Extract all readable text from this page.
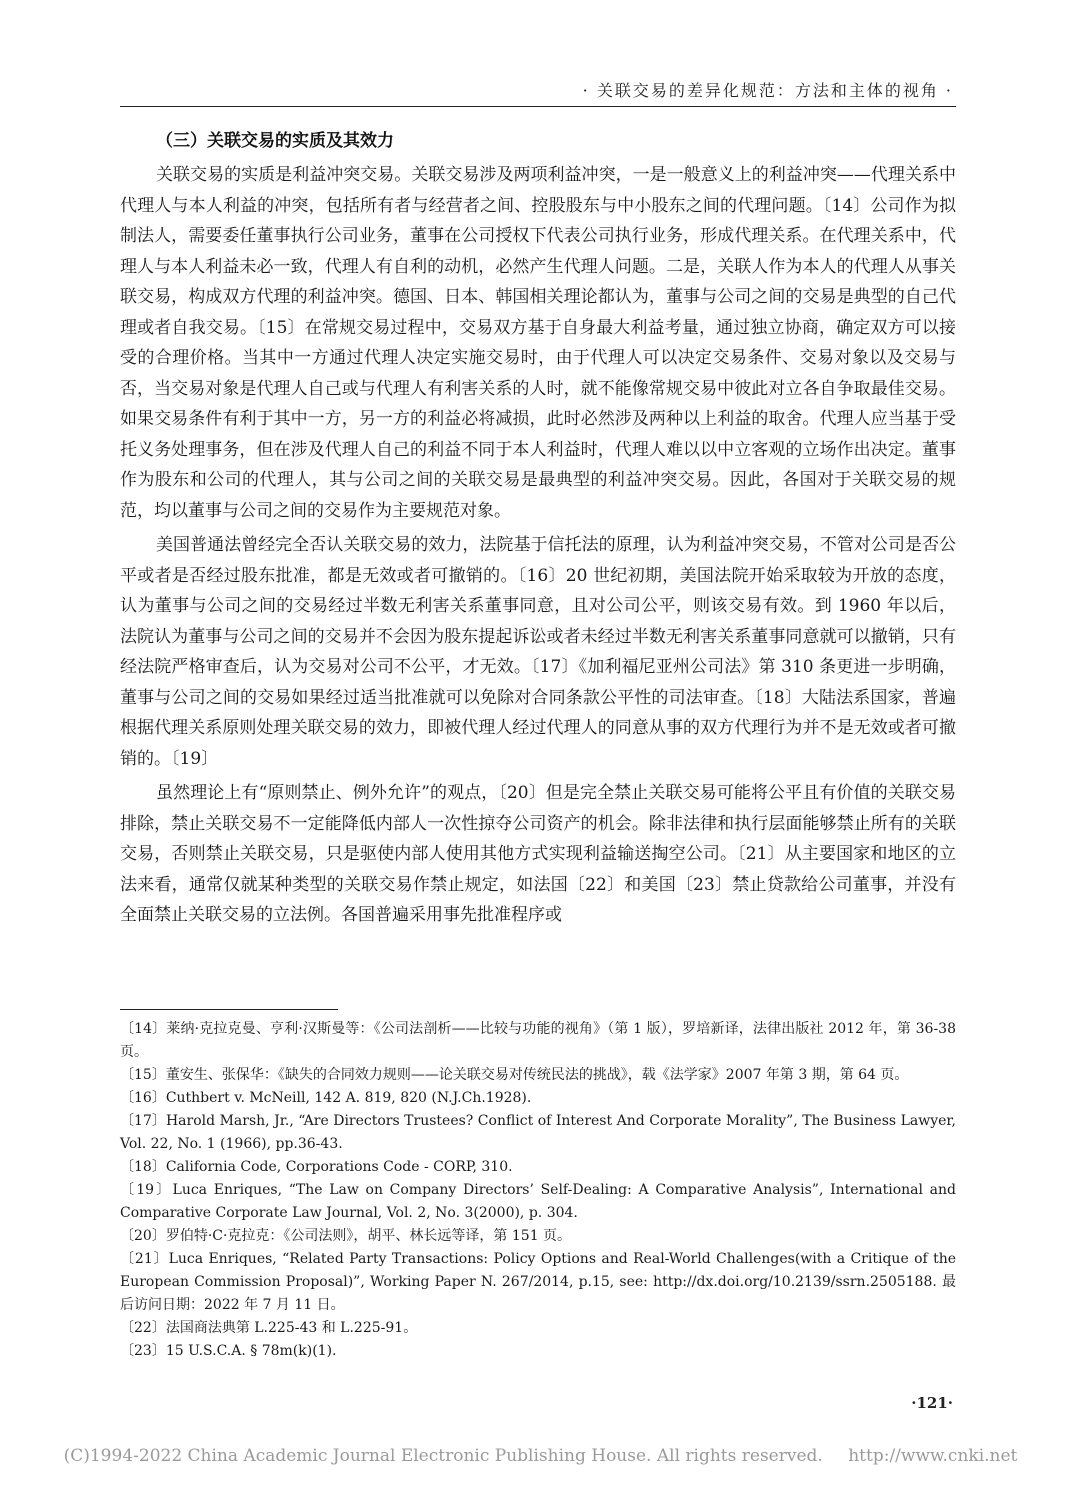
· 关联交易的差异化规范：方法和主体的视角 ·
（三）关联交易的实质及其效力

关联交易的实质是利益冲突交易。关联交易涉及两项利益冲突，一是一般意义上的利益冲突——代理关系中代理人与本人利益的冲突，包括所有者与经营者之间、控股股东与中小股东之间的代理问题。〔14〕公司作为拟制法人，需要委任董事执行公司业务，董事在公司授权下代表公司执行业务，形成代理关系。在代理关系中，代理人与本人利益未必一致，代理人有自利的动机，必然产生代理人问题。二是，关联人作为本人的代理人从事关联交易，构成双方代理的利益冲突。德国、日本、韩国相关理论都认为，董事与公司之间的交易是典型的自己代理或者自我交易。〔15〕在常规交易过程中，交易双方基于自身最大利益考量，通过独立协商，确定双方可以接受的合理价格。当其中一方通过代理人决定实施交易时，由于代理人可以决定交易条件、交易对象以及交易与否，当交易对象是代理人自己或与代理人有利害关系的人时，就不能像常规交易中彼此对立各自争取最佳交易。如果交易条件有利于其中一方，另一方的利益必将减损，此时必然涉及两种以上利益的取舍。代理人应当基于受托义务处理事务，但在涉及代理人自己的利益不同于本人利益时，代理人难以以中立客观的立场作出决定。董事作为股东和公司的代理人，其与公司之间的关联交易是最典型的利益冲突交易。因此，各国对于关联交易的规范，均以董事与公司之间的交易作为主要规范对象。

美国普通法曾经完全否认关联交易的效力，法院基于信托法的原理，认为利益冲突交易，不管对公司是否公平或者是否经过股东批准，都是无效或者可撤销的。〔16〕20 世纪初期，美国法院开始采取较为开放的态度，认为董事与公司之间的交易经过半数无利害关系董事同意，且对公司公平，则该交易有效。到 1960 年以后，法院认为董事与公司之间的交易并不会因为股东提起诉讼或者未经过半数无利害关系董事同意就可以撤销，只有经法院严格审查后，认为交易对公司不公平，才无效。〔17〕《加利福尼亚州公司法》第 310 条更进一步明确，董事与公司之间的交易如果经过适当批准就可以免除对合同条款公平性的司法审查。〔18〕大陆法系国家，普遍根据代理关系原则处理关联交易的效力，即被代理人经过代理人的同意从事的双方代理行为并不是无效或者可撤销的。〔19〕

虽然理论上有“原则禁止、例外允许”的观点，〔20〕但是完全禁止关联交易可能将公平且有价值的关联交易排除，禁止关联交易不一定能降低内部人一次性掠夺公司资产的机会。除非法律和执行层面能够禁止所有的关联交易，否则禁止关联交易，只是驱使内部人使用其他方式实现利益输送掏空公司。〔21〕从主要国家和地区的立法来看，通常仅就某种类型的关联交易作禁止规定，如法国〔22〕和美国〔23〕禁止贷款给公司董事，并没有全面禁止关联交易的立法例。各国普遍采用事先批准程序或

〔14〕莱纳·克拉克曼、亨利·汉斯曼等：《公司法剖析——比较与功能的视角》（第 1 版），罗培新译，法律出版社 2012 年，第 36-38 页。
〔15〕董安生、张保华：《缺失的合同效力规则——论关联交易对传统民法的挑战》，载《法学家》2007 年第 3 期，第 64 页。
〔16〕Cuthbert v. McNeill, 142 A. 819, 820 (N.J.Ch.1928).
〔17〕Harold Marsh, Jr., “Are Directors Trustees? Conflict of Interest And Corporate Morality”, The Business Lawyer, Vol. 22, No. 1 (1966), pp.36-43.
〔18〕California Code, Corporations Code - CORP, 310.
〔19〕Luca Enriques, “The Law on Company Directors’ Self-Dealing: A Comparative Analysis”, International and Comparative Corporate Law Journal, Vol. 2, No. 3(2000), p. 304.
〔20〕罗伯特·C·克拉克：《公司法则》，胡平、林长远等译，第 151 页。
〔21〕Luca Enriques, “Related Party Transactions: Policy Options and Real-World Challenges(with a Critique of the European Commission Proposal)”, Working Paper N. 267/2014, p.15, see: http://dx.doi.org/10.2139/ssrn.2505188. 最后访问日期：2022 年 7 月 11 日。
〔22〕法国商法典第 L.225-43 和 L.225-91。
〔23〕15 U.S.C.A. § 78m(k)(1).
·121·
(C)1994-2022 China Academic Journal Electronic Publishing House. All rights reserved. http://www.cnki.net
